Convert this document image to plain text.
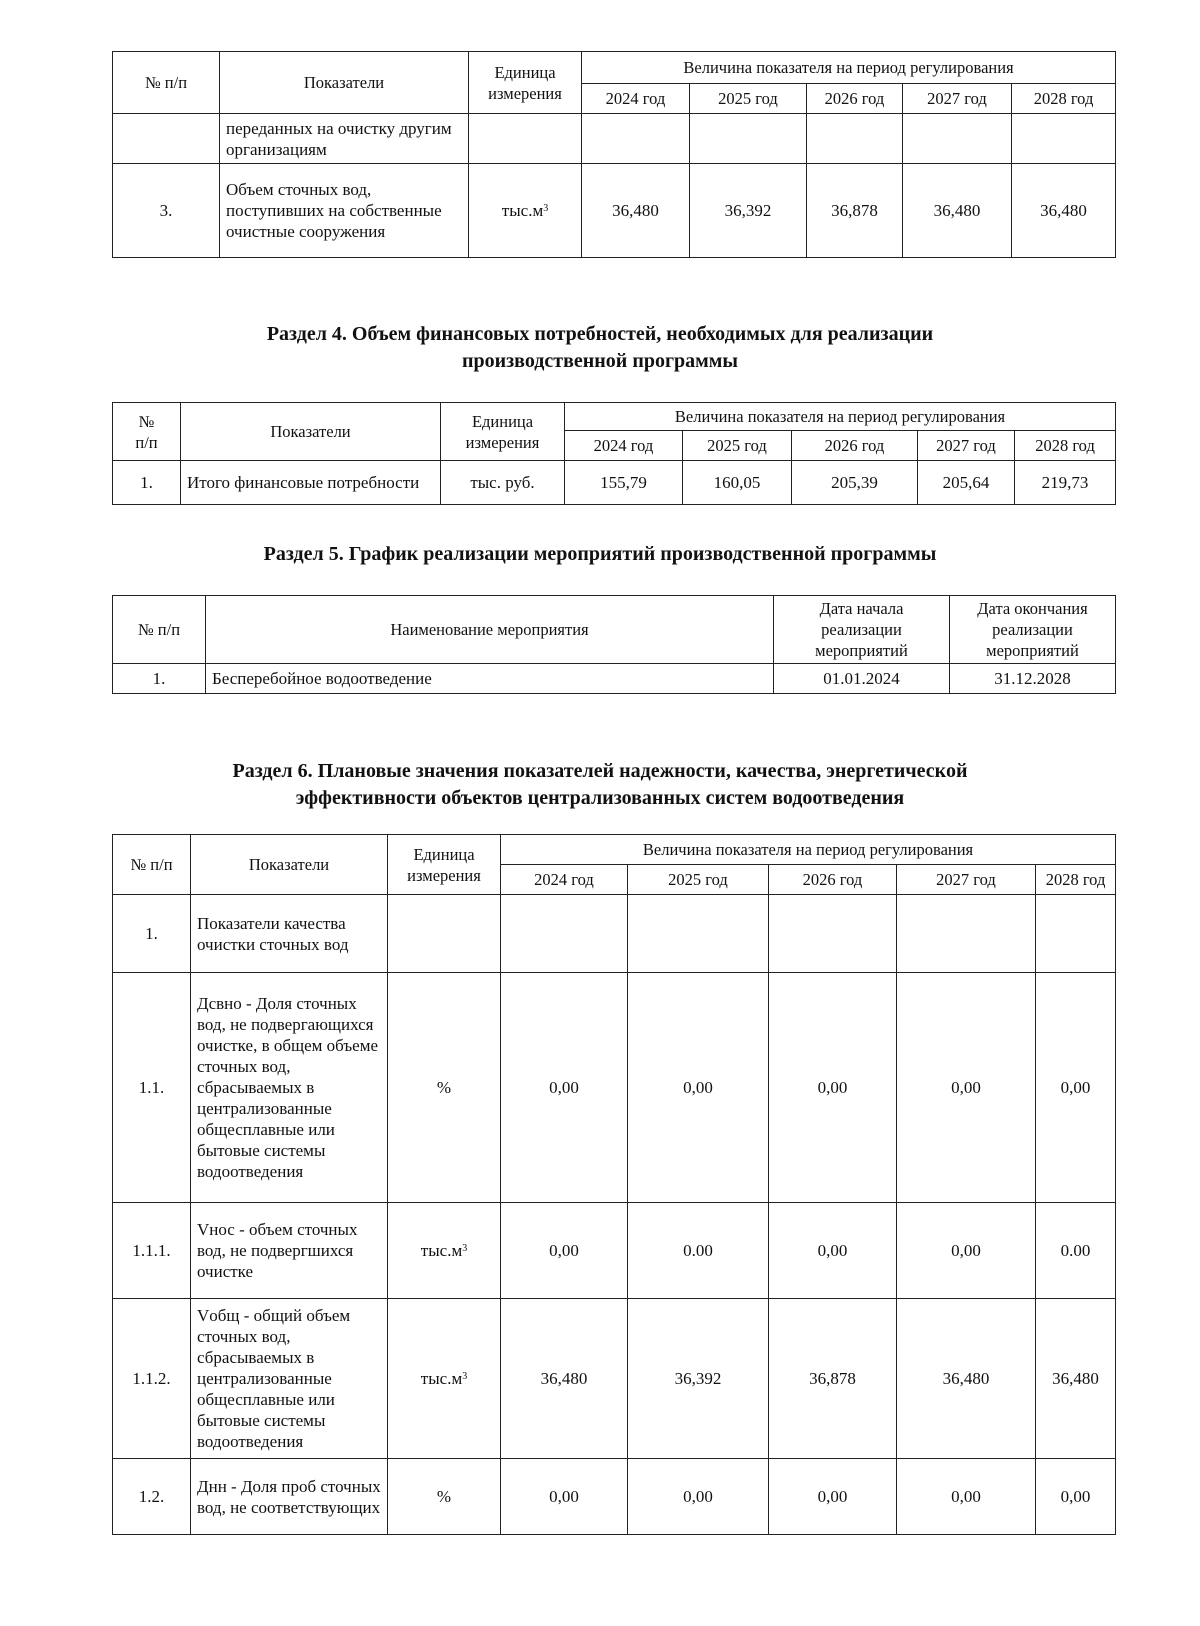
№ п/п	Показатели	Единица
измерения	Величина показателя на период регулирования				
			2024 год	2025 год	2026 год	2027 год	2028 год
	переданных на очистку другим организациям						
3.	Объем сточных вод, поступивших на собственные очистные сооружения	$тыс.м^3$	36,480	36,392	36,878	36,480	36,480
Раздел 4. Объем финансовых потребностей, необходимых для реализации
производственной программы
№
п/п	Показатели	Единица
измерения	Величина показателя на период регулирования				
			2024 год	2025 год	2026 год	2027 год	2028 год
1.	Итого финансовые потребности	тыс. руб.	155,79	160,05	205,39	205,64	219,73
Раздел 5. График реализации мероприятий производственной программы
№ п/п	Наименование мероприятия	Дата начала реализации мероприятий	Дата окончания реализации мероприятий
1.	Бесперебойное водоотведение	01.01.2024	31.12.2028
Раздел 6. Плановые значения показателей надежности, качества, энергетической
эффективности объектов централизованных систем водоотведения
№ п/п	Показатели	Единица
измерения	Величина показателя на период регулирования				
			2024 год	2025 год	2026 год	2027 год	2028 год
1.	Показатели качества очистки сточных вод						
1.1.	Дсвно - Доля сточных вод, не подвергающихся очистке, в общем объеме сточных вод, сбрасываемых в централизованные общесплавные или бытовые системы водоотведения	%	0,00	0,00	0,00	0,00	0,00
1.1.1.	Vнос - объем сточных вод, не подвергшихся очистке	$тыс.м^3$	0,00	0.00	0,00	0,00	0.00
1.1.2.	Vобщ - общий объем сточных вод, сбрасываемых в централизованные общесплавные или бытовые системы водоотведения	$тыс.м^3$	36,480	36,392	36,878	36,480	36,480
1.2.	Днн - Доля проб сточных вод, не соответствующих	%	0,00	0,00	0,00	0,00	0,00
